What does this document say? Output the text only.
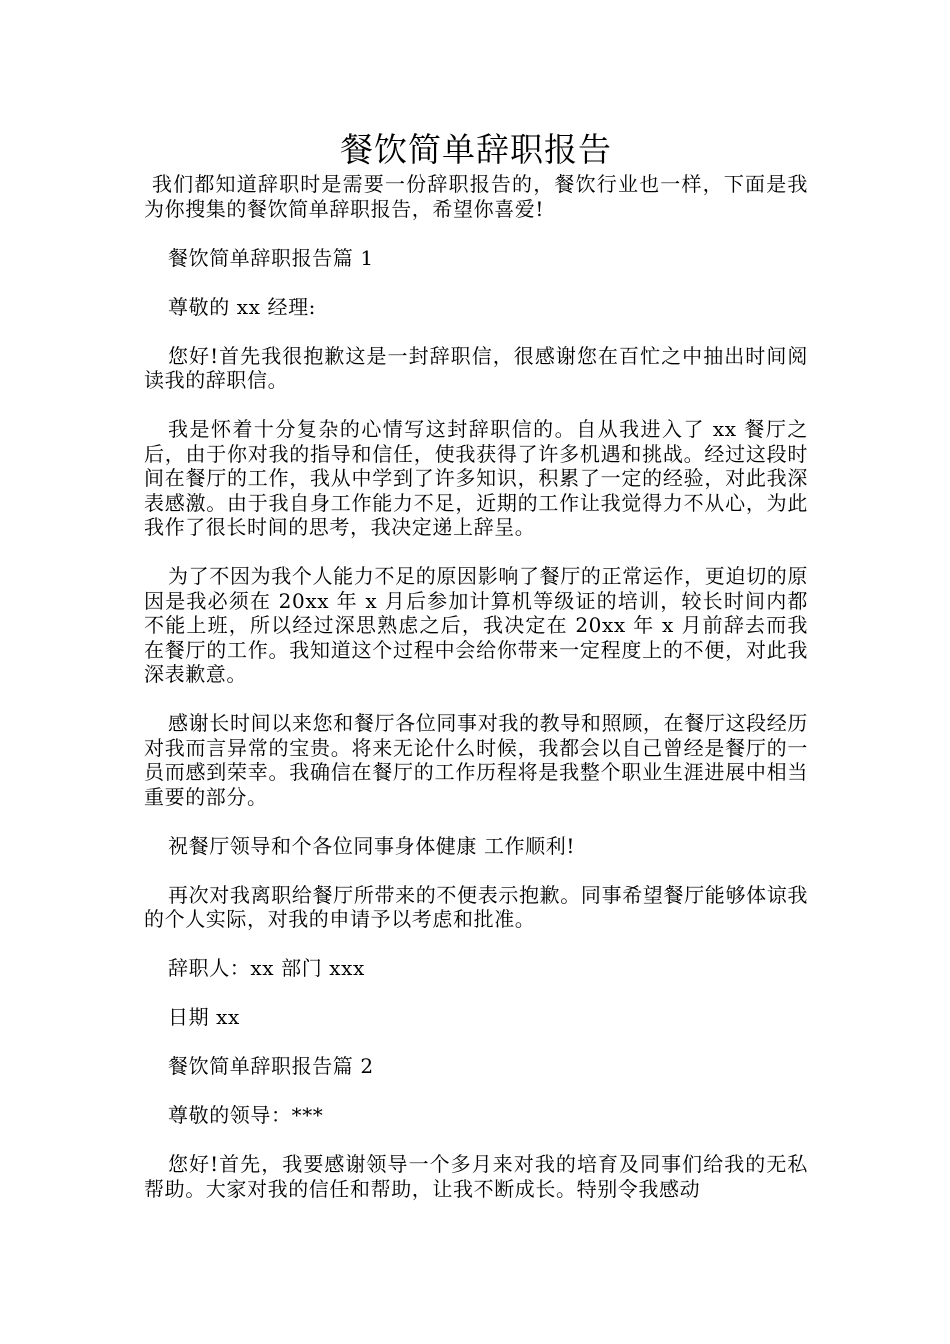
餐饮简单辞职报告

我们都知道辞职时是需要一份辞职报告的，餐饮行业也一样，下面是我为你搜集的餐饮简单辞职报告，希望你喜爱!

餐饮简单辞职报告篇 1

尊敬的 xx 经理:

您好!首先我很抱歉这是一封辞职信，很感谢您在百忙之中抽出时间阅读我的辞职信。

我是怀着十分复杂的心情写这封辞职信的。自从我进入了 xx 餐厅之后，由于你对我的指导和信任，使我获得了许多机遇和挑战。经过这段时间在餐厅的工作，我从中学到了许多知识，积累了一定的经验，对此我深表感激。由于我自身工作能力不足，近期的工作让我觉得力不从心，为此我作了很长时间的思考，我决定递上辞呈。

为了不因为我个人能力不足的原因影响了餐厅的正常运作，更迫切的原因是我必须在 20xx 年 x 月后参加计算机等级证的培训，较长时间内都不能上班，所以经过深思熟虑之后，我决定在 20xx 年 x 月前辞去而我在餐厅的工作。我知道这个过程中会给你带来一定程度上的不便，对此我深表歉意。

感谢长时间以来您和餐厅各位同事对我的教导和照顾，在餐厅这段经历对我而言异常的宝贵。将来无论什么时候，我都会以自己曾经是餐厅的一员而感到荣幸。我确信在餐厅的工作历程将是我整个职业生涯进展中相当重要的部分。

祝餐厅领导和个各位同事身体健康 工作顺利!

再次对我离职给餐厅所带来的不便表示抱歉。同事希望餐厅能够体谅我的个人实际，对我的申请予以考虑和批准。

辞职人：xx 部门 xxx

日期 xx

餐饮简单辞职报告篇 2

尊敬的领导：***

您好!首先，我要感谢领导一个多月来对我的培育及同事们给我的无私帮助。大家对我的信任和帮助，让我不断成长。特别令我感动
